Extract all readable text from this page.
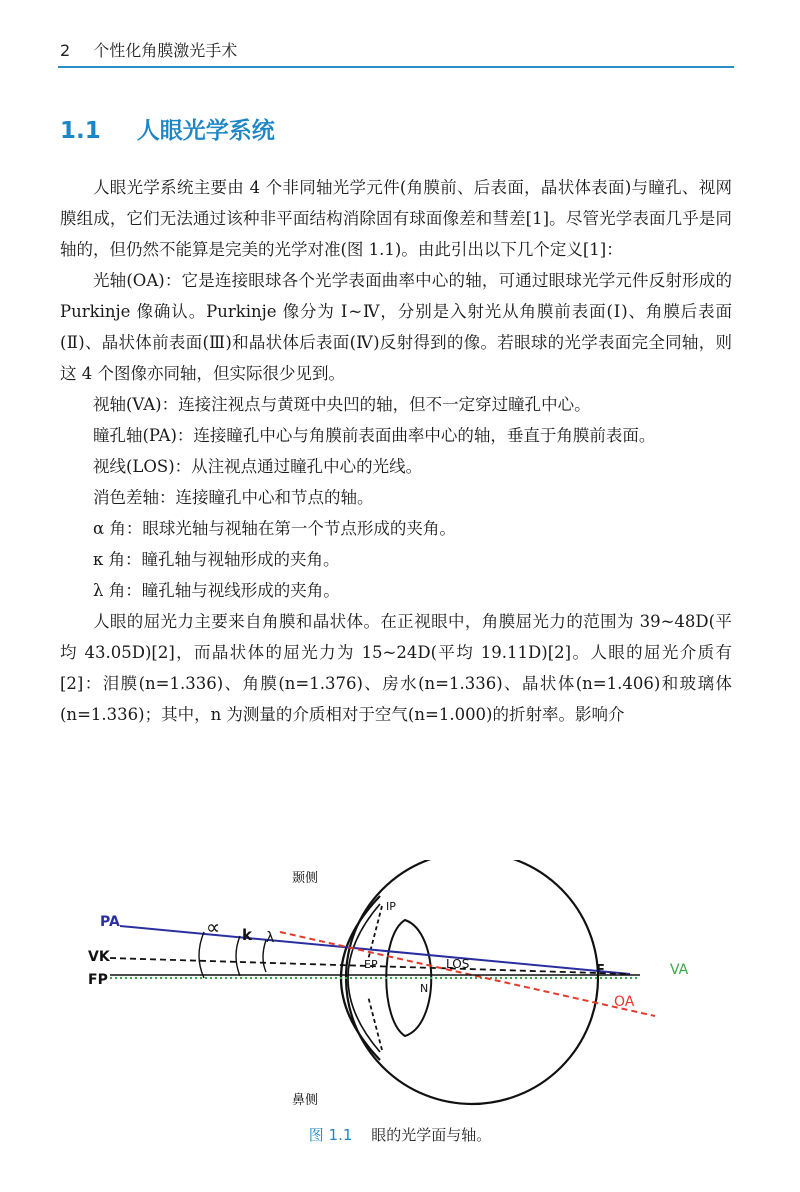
2 个性化角膜激光手术
1.1 人眼光学系统

人眼光学系统主要由 4 个非同轴光学元件(角膜前、后表面，晶状体表面)与瞳孔、视网膜组成，它们无法通过该种非平面结构消除固有球面像差和彗差[1]。尽管光学表面几乎是同轴的，但仍然不能算是完美的光学对准(图 1.1)。由此引出以下几个定义[1]：

光轴(OA)：它是连接眼球各个光学表面曲率中心的轴，可通过眼球光学元件反射形成的 Purkinje 像确认。Purkinje 像分为 Ⅰ~Ⅳ，分别是入射光从角膜前表面(Ⅰ)、角膜后表面(Ⅱ)、晶状体前表面(Ⅲ)和晶状体后表面(Ⅳ)反射得到的像。若眼球的光学表面完全同轴，则这 4 个图像亦同轴，但实际很少见到。

视轴(VA)：连接注视点与黄斑中央凹的轴，但不一定穿过瞳孔中心。

瞳孔轴(PA)：连接瞳孔中心与角膜前表面曲率中心的轴，垂直于角膜前表面。

视线(LOS)：从注视点通过瞳孔中心的光线。

消色差轴：连接瞳孔中心和节点的轴。

α 角：眼球光轴与视轴在第一个节点形成的夹角。

κ 角：瞳孔轴与视轴形成的夹角。

λ 角：瞳孔轴与视线形成的夹角。

人眼的屈光力主要来自角膜和晶状体。在正视眼中，角膜屈光力的范围为 39~48D(平均 43.05D)[2]，而晶状体的屈光力为 15~24D(平均 19.11D)[2]。人眼的屈光介质有[2]：泪膜(n=1.336)、角膜(n=1.376)、房水(n=1.336)、晶状体(n=1.406)和玻璃体(n=1.336)；其中，n 为测量的介质相对于空气(n=1.000)的折射率。影响介

颞侧
鼻侧
PA
VK
FP
∝ k λ
IP
EP
N
LOS	F	VA
OA
图 1.1 眼的光学面与轴。
